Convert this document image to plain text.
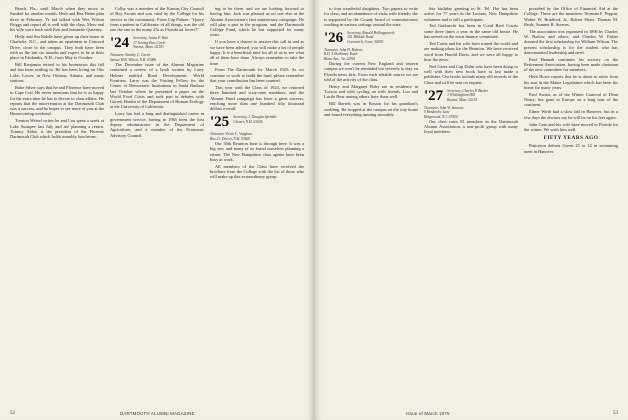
Beach, Fla., until March when they move to Sanibel for another month. Herb and Bea Heine plan three in February. Ye tad talked with Wes Wilson Briggs and report all is well with the class. Merv and his wife were back with Ken and Jeannette Queeney.

Holly and Stu Riddle have given up their home in Charlotte, N.C., and taken an apartment in Concord Drive, close to the campus. They both have been with us the last six months and expect to be at their place in Fairbanks, N.H., from May to October.

Bill Benjamin retired to his hometown this fall and has been settling in. He has been living on Otis Lake, Lower, in New Orleans, Atlanta, and many stations.

Rube Silver says that he and Florence have moved to Cape Cod. He never mentions that he is as happy for the extra time he has to devote to class affairs. He reports that the mini-reunion at the Dartmouth Club was a success, and he hopes to see more of you at the Homecoming weekend.

Trenton Weisel writes he and Lou spent a week at Lake Sunapee last July and are planning a return. Tommy Abbot is the president of the Phoenix Dartmouth Club which holds monthly luncheons.

Colby was a member of the Kansas City Council of Boy Scouts and was cited by the College for his service to the community. From Cap Palmer: "Query from a patient in California: of all things, was the old one the one in the many 25s as Florida art lovers?"

'24 Secretary, Janna F. Bent
17 Sewing Pine Circle
Weston, Mass. 02193
Treasurer, Stanley C. Carter
Spruce Hill, Wilton, N.H. 03086

The December issue of the Alumni Magazine contained a review of a book written by Larry Helmer entitled Rural Development: World Frontiers. Larry was the Visiting Fellow for the Center of Democratic Institutions in Santa Barbara last October where he presented a paper on the World Food Crisis and took part in debates with Garrett Hardin of the Department of Human Ecology at the University of California.

Larry has had a long and distinguished career in government service, having in 1965 been the first deputy administrator in the Department of Agriculture, and a member of the Economic Advisory Council.

ing to be there, and we are looking forward to having him. Jack was pleased as no one else at the Alumni Association's first anniversary campaign. He will play a part in the program, and the Dartmouth College Fund, which he has supported for many years.

If you have a chance to answer this call in and as we have been advised, you will make a lot of people happy. It is a beneficial time for all of us to see what all of them have done. Always remember to take the time.

From The Dartmouth for March 1925: As we continue to work to build the fund, please remember that your contribution has been counted.

This year with the Class of 1924, we returned three hundred and sixty-nine members, and the Alumni Fund campaign has been a great success, reaching more than one hundred fifty thousand dollars overall.

'25 Secretary, J. Douglas Sprinkle
Chester, N.H. 03036
Treasurer, Victor C. Vaughan
Box 21, Dorset, N.H. 03820

Our 50th Reunion June is through here. It was a big one, and many of us found ourselves planning a return. The New Hampshire class agents have been busy at work.

All members of the Class have received the brochure from the College with the list of those who will make up this extraordinary group.

52	DARTMOUTH ALUMNI MAGAZINE

to four wonderful daughters. Two papers to write for class, and an abundance of visits with friends; she is supported by the County board of commissioners working in various settings around the state.

'26 Secretary, Ronald Hollingsworth
101 Hillside Road
Greenwich, Conn. 06830
Treasurer, John H. Roberts
R.D. 4 Shelburne Road
Blanc Ave., Va. 22901

During the current New England and eastern campus we won't be reminded too severely to stay on Florida news first. From each reliable source we are told of the activity of the class.

Henry and Margaret Hoby are in residence in Tucson and with cycling on with friends. Lou and Lucile Bear among others have done well.

Bill Bartels was in Boston for his grandson's wedding. He stopped at the campus on the way home and found everything running smoothly.

this birthday greeting in St. Tel. Hot has been active for 77 years in the Loomis, New Hampshire volunteer and is still a participant.

Ted Gutknecht has been in Coral Reef Courts some three times a year in the same old house. He has served on the town finance committee.

Ted Curtis and his wife have toured the world and are making plans for the Reunion. We have received word from Harold Davis, and we were all happy to hear the news.

Ned Gates and Cap Dohn who have been doing so well with their new book have at last made a publisher. Our books include many old records of the Class and will be sent on request.

'27 Secretary, Charles P. Barker
1 Whittingham Hill
Boston, Mass. 02114
Treasurer, John W. Sansone
5 Kimberley Lane
Ridgewood, N.J. 07450

Our class rates 53 members in the Dartmouth Alumni Association, a non-profit group with many loyal members.

provided by the Office of Financial Aid at the College. Those are the members: Norman F. Peppin, Walter W. Bradford, Jr., Robert Shaw, Thomas M. Beals, Sumner R. Stearns.

The association was organized in 1896 by Charles W. Barlow and others, and Charles W. Fisher donated the first scholarship for William Wilson. The present scholarship is for the student who has demonstrated leadership and need.

Paul Hannah continues his activity on the Retirement Association, having been made chairman of the new committee for members.

Herb Howe reports that he is about to retire from his seat in the Maine Legislature which has been his home for many years.

Paul Swain, as of the Winter Carnival of Dean Neary, has gone to Europe on a long tour of the continent.

Elmer Wirth had a slow fall in Hanover, but in a few days the doctors say he will be on his feet again.

John Case and his wife have moved to Florida for the winter. We wish him well.

FIFTY YEARS AGO

Princeton defeats Green 25 to 12 in swimming meet in Hanover.

Issue of March 1975	53
